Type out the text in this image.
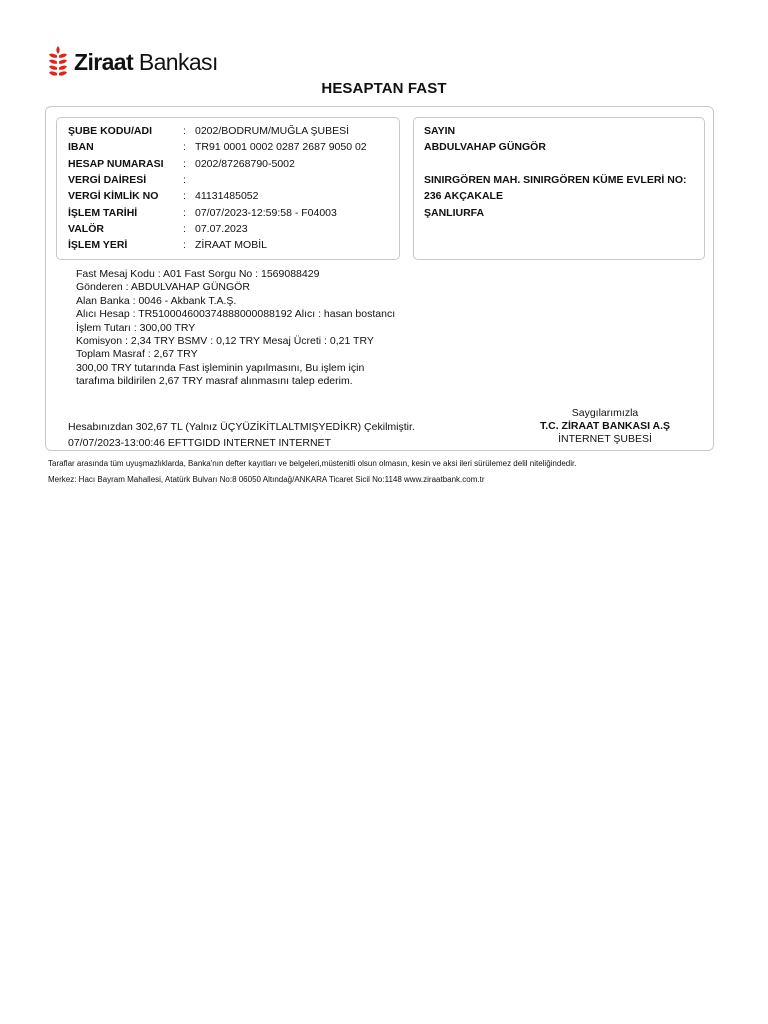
Ziraat Bankası
HESAPTAN FAST
ŞUBE KODU/ADI	: 0202/BODRUM/MUĞLA ŞUBESİ
IBAN	: TR91 0001 0002 0287 2687 9050 02
HESAP NUMARASI	: 0202/87268790-5002
VERGİ DAİRESİ	:
VERGİ KİMLİK NO	: 41131485052
İŞLEM TARİHİ	: 07/07/2023-12:59:58 - F04003
VALÖR	: 07.07.2023
İŞLEM YERİ	: ZİRAAT MOBİL
SAYIN
ABDULVAHAP GÜNGÖR
SINIRGÖREN MAH. SINIRGÖREN KÜME EVLERİ NO:
236 AKÇAKALE
ŞANLIURFA
Fast Mesaj Kodu : A01 Fast Sorgu No : 1569088429
Gönderen : ABDULVAHAP GÜNGÖR
Alan Banka : 0046 - Akbank T.A.Ş.
Alıcı Hesap : TR510004600374888000088192 Alıcı : hasan bostancı
İşlem Tutarı : 300,00 TRY
Komisyon : 2,34 TRY BSMV : 0,12 TRY Mesaj Ücreti : 0,21 TRY
Toplam Masraf : 2,67 TRY
300,00 TRY tutarında Fast işleminin yapılmasını, Bu işlem için
tarafıma bildirilen 2,67 TRY masraf alınmasını talep ederim.
Hesabınızdan 302,67 TL (Yalnız ÜÇYÜZİKİTLALTMIŞYEDİKR) Çekilmiştir.
07/07/2023-13:00:46 EFTTGIDD INTERNET INTERNET
Saygılarımızla
T.C. ZİRAAT BANKASI A.Ş
İNTERNET ŞUBESİ
Taraflar arasında tüm uyuşmazlıklarda, Banka'nın defter kayıtları ve belgeleri,müstenitli olsun olmasın, kesin ve aksi ileri sürülemez delil niteliğindedir.
Merkez: Hacı Bayram Mahallesi, Atatürk Bulvarı No:8 06050 Altındağ/ANKARA Ticaret Sicil No:1148 www.ziraatbank.com.tr
